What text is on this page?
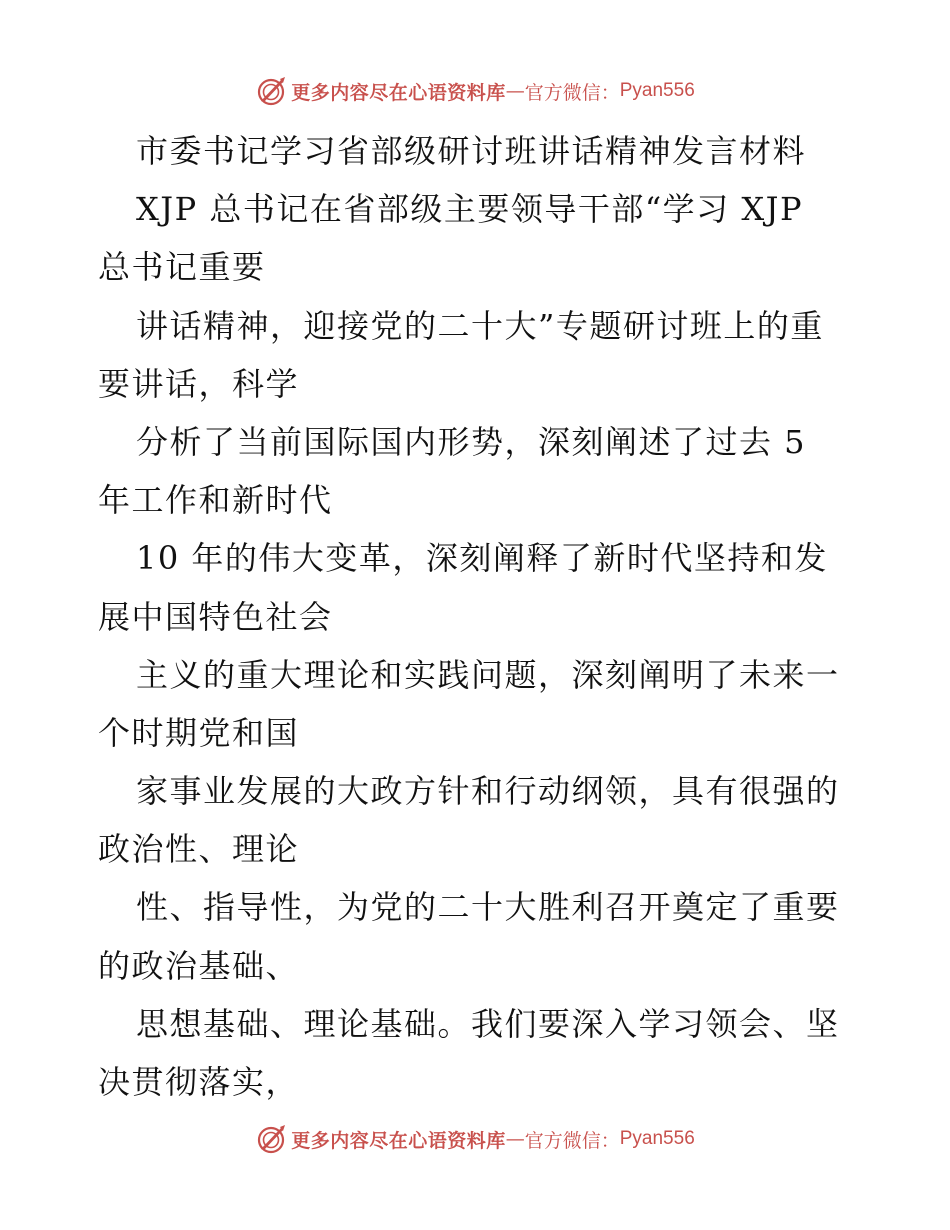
更多内容尽在心语资料库 — 官方微信： Pyan556
市委书记学习省部级研讨班讲话精神发言材料
XJP 总书记在省部级主要领导干部“学习 XJP
总书记重要
讲话精神，迎接党的二十大”专题研讨班上的重
要讲话，科学
分析了当前国际国内形势，深刻阐述了过去 5
年工作和新时代
10 年的伟大变革，深刻阐释了新时代坚持和发
展中国特色社会
主义的重大理论和实践问题，深刻阐明了未来一
个时期党和国
家事业发展的大政方针和行动纲领，具有很强的
政治性、理论
性、指导性，为党的二十大胜利召开奠定了重要
的政治基础、
思想基础、理论基础。我们要深入学习领会、坚
决贯彻落实，
更多内容尽在心语资料库 — 官方微信： Pyan556
